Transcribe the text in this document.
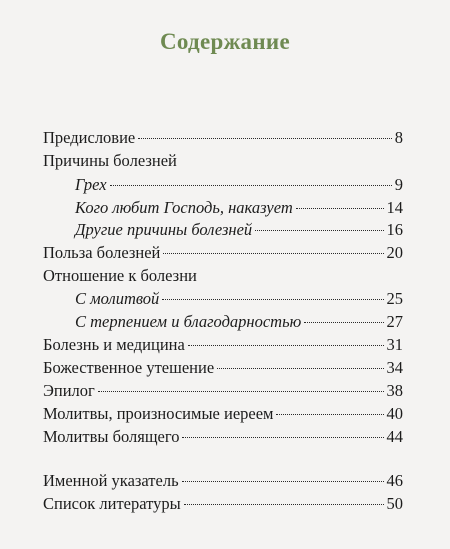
Содержание
Предисловие	8
Причины болезней
Грех	9
Кого любит Господь, наказует	14
Другие причины болезней	16
Польза болезней	20
Отношение к болезни
С молитвой	25
С терпением и благодарностью	27
Болезнь и медицина	31
Божественное утешение	34
Эпилог	38
Молитвы, произносимые иереем	40
Молитвы болящего	44
Именной указатель	46
Список литературы	50
